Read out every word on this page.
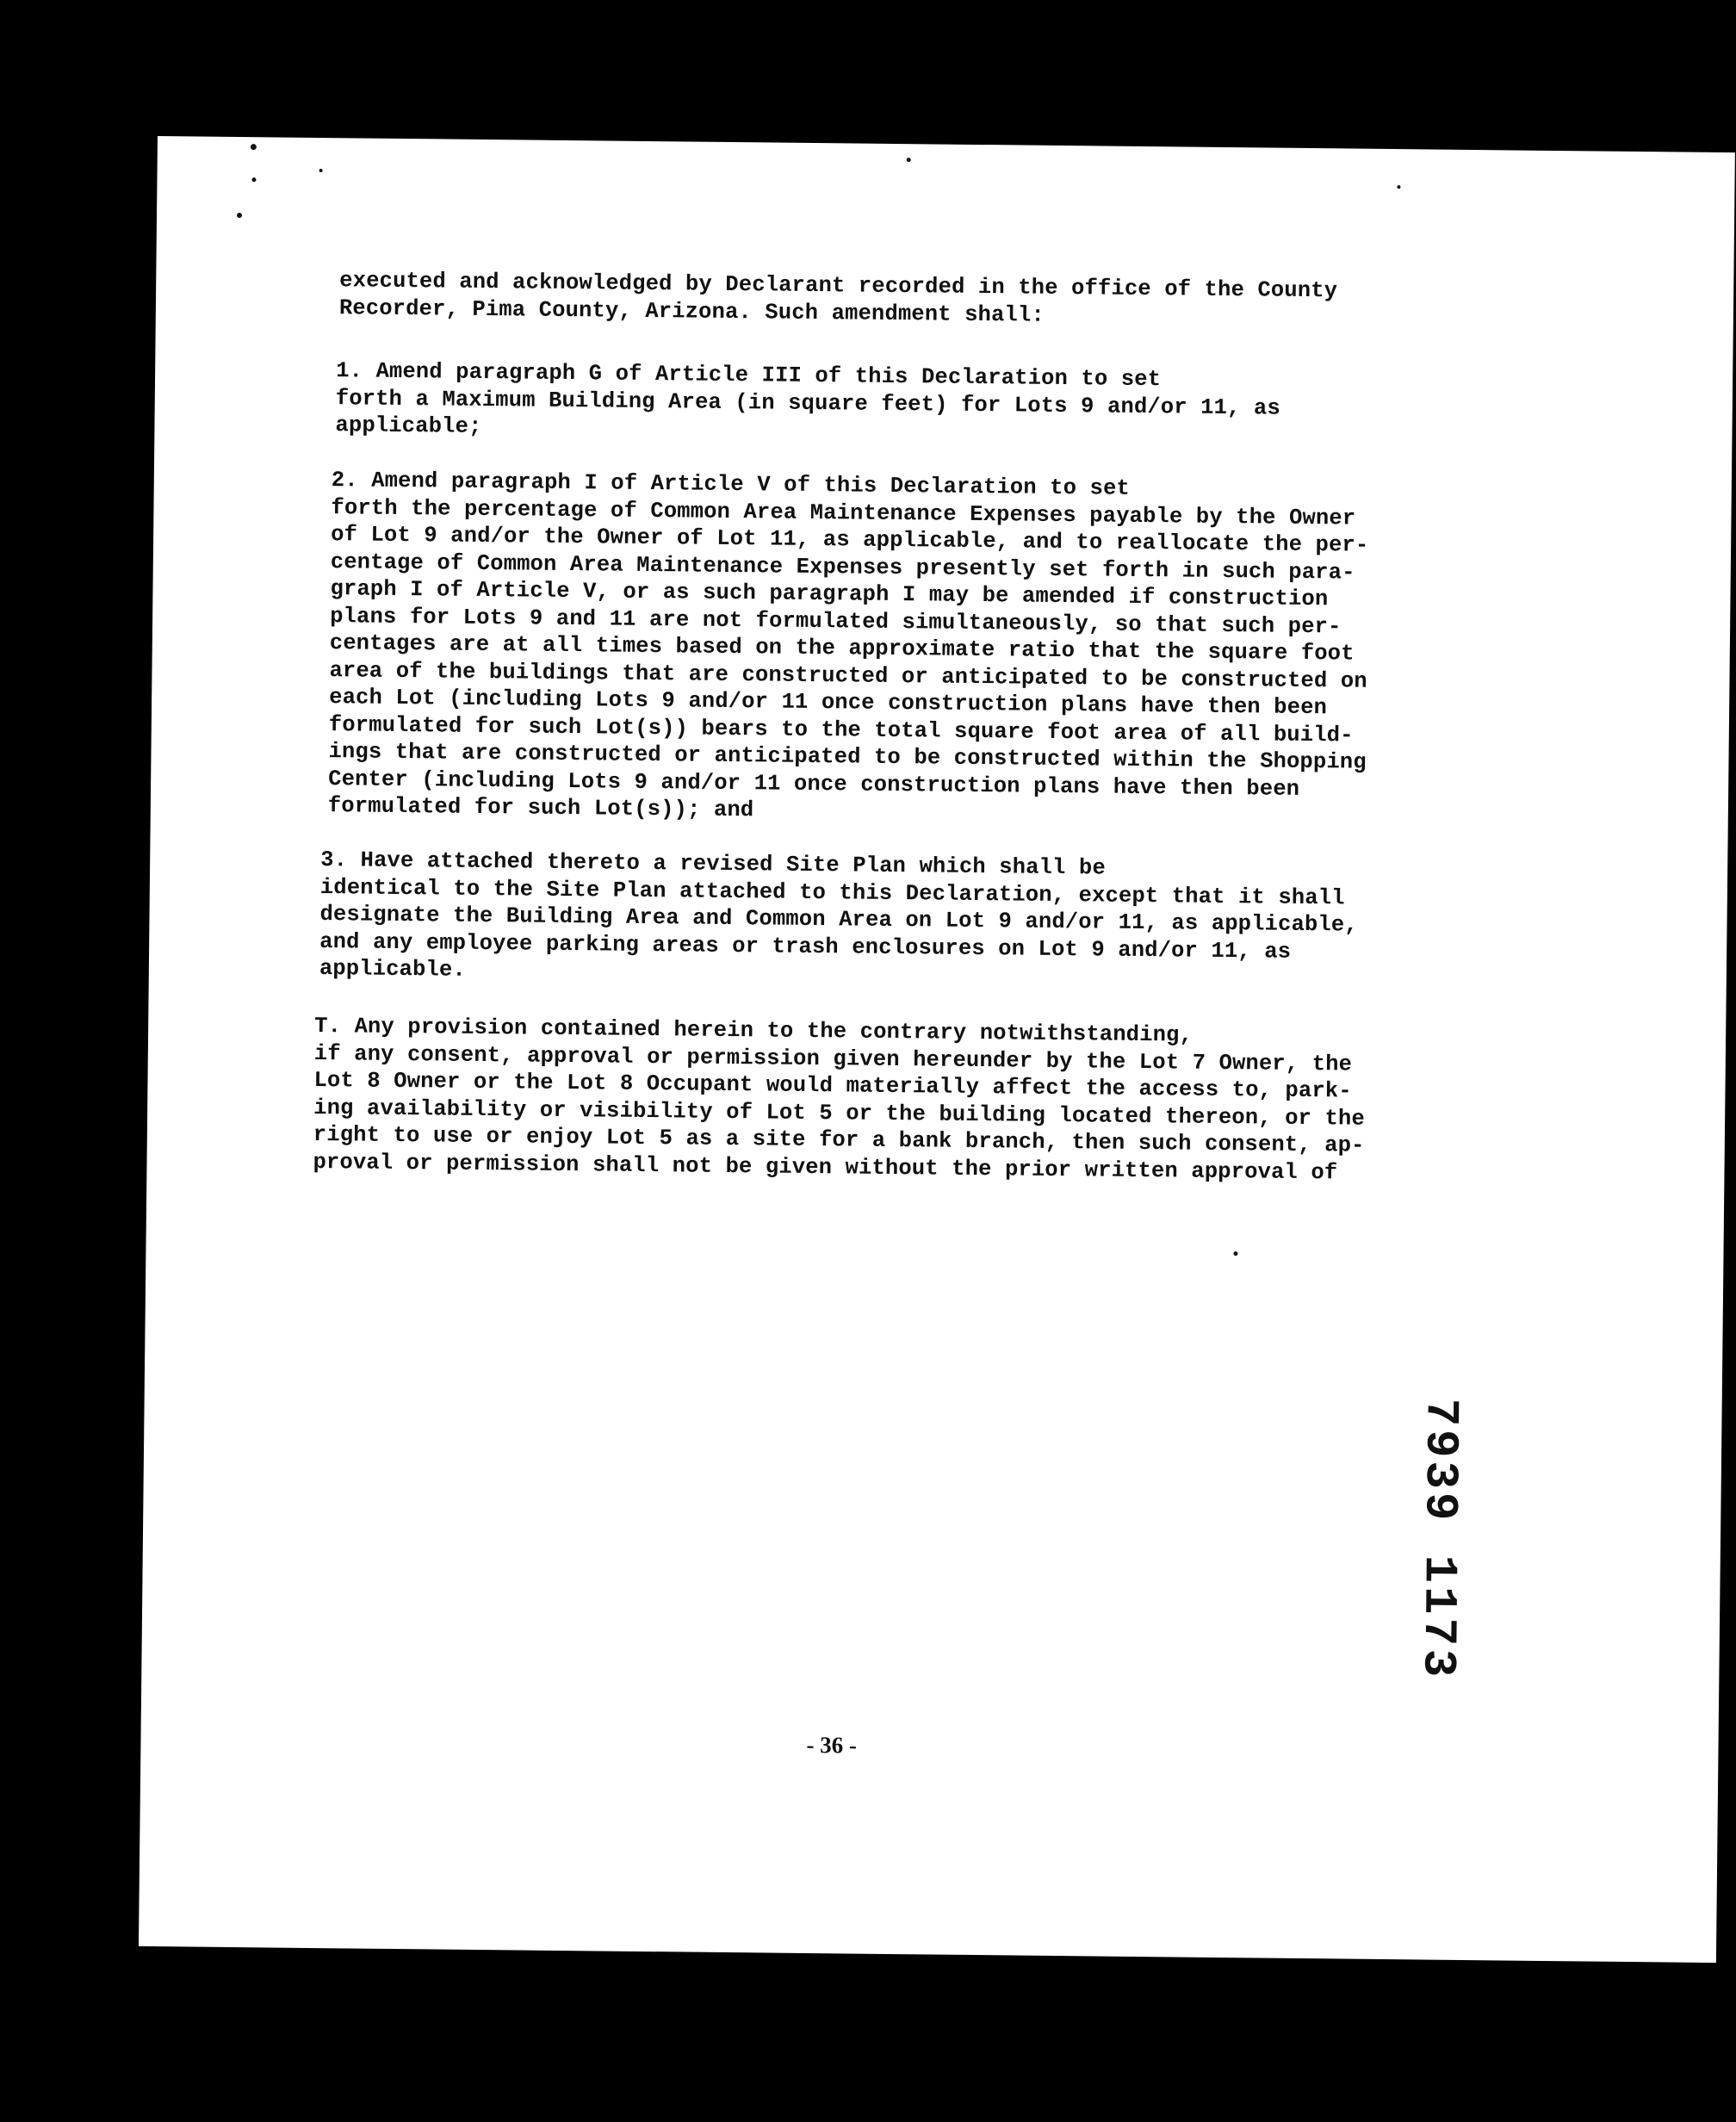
executed and acknowledged by Declarant recorded in the office of the County
Recorder, Pima County, Arizona. Such amendment shall:

1. Amend paragraph G of Article III of this Declaration to set
forth a Maximum Building Area (in square feet) for Lots 9 and/or 11, as
applicable;

2. Amend paragraph I of Article V of this Declaration to set
forth the percentage of Common Area Maintenance Expenses payable by the Owner
of Lot 9 and/or the Owner of Lot 11, as applicable, and to reallocate the per-
centage of Common Area Maintenance Expenses presently set forth in such para-
graph I of Article V, or as such paragraph I may be amended if construction
plans for Lots 9 and 11 are not formulated simultaneously, so that such per-
centages are at all times based on the approximate ratio that the square foot
area of the buildings that are constructed or anticipated to be constructed on
each Lot (including Lots 9 and/or 11 once construction plans have then been
formulated for such Lot(s)) bears to the total square foot area of all build-
ings that are constructed or anticipated to be constructed within the Shopping
Center (including Lots 9 and/or 11 once construction plans have then been
formulated for such Lot(s)); and

3. Have attached thereto a revised Site Plan which shall be
identical to the Site Plan attached to this Declaration, except that it shall
designate the Building Area and Common Area on Lot 9 and/or 11, as applicable,
and any employee parking areas or trash enclosures on Lot 9 and/or 11, as
applicable.

T. Any provision contained herein to the contrary notwithstanding,
if any consent, approval or permission given hereunder by the Lot 7 Owner, the
Lot 8 Owner or the Lot 8 Occupant would materially affect the access to, park-
ing availability or visibility of Lot 5 or the building located thereon, or the
right to use or enjoy Lot 5 as a site for a bank branch, then such consent, ap-
proval or permission shall not be given without the prior written approval of

- 36 -
7939 1173
